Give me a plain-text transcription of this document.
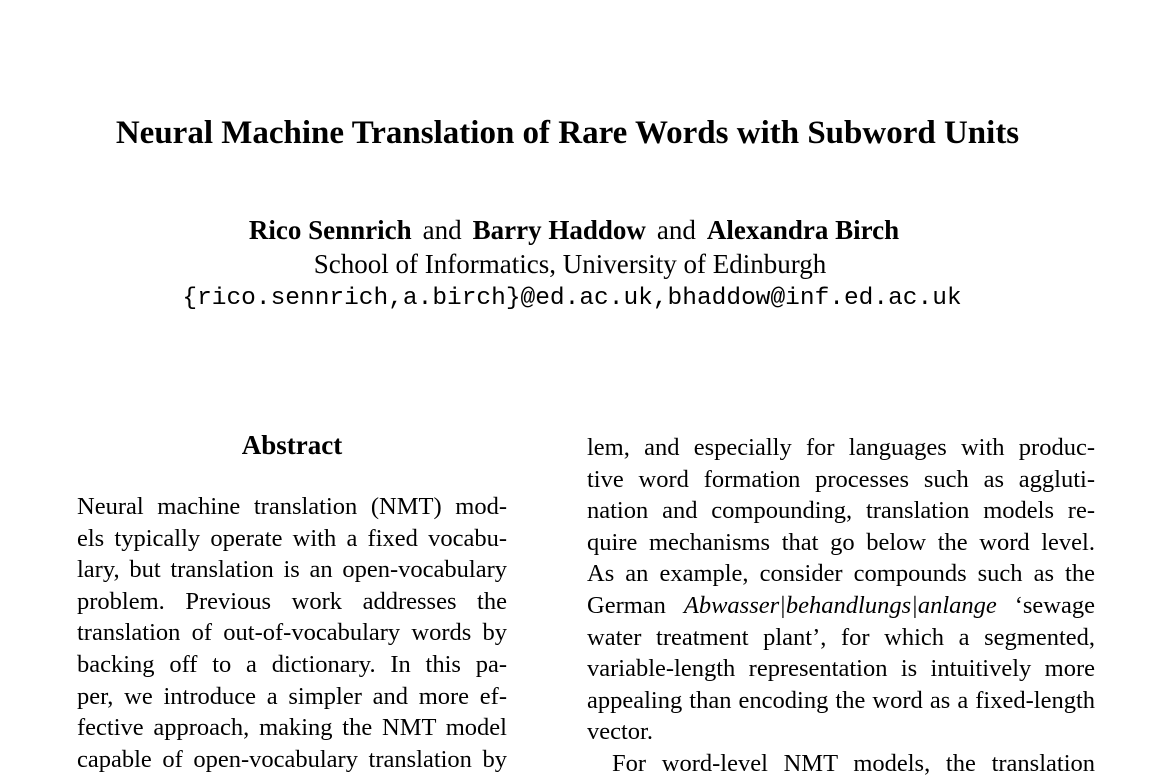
Neural Machine Translation of Rare Words with Subword Units
Rico Sennrich and Barry Haddow and Alexandra Birch
School of Informatics, University of Edinburgh
{rico.sennrich,a.birch}@ed.ac.uk,bhaddow@inf.ed.ac.uk
Abstract
Neural machine translation (NMT) mod-
els typically operate with a fixed vocabu-
lary, but translation is an open-vocabulary
problem. Previous work addresses the
translation of out-of-vocabulary words by
backing off to a dictionary. In this pa-
per, we introduce a simpler and more ef-
fective approach, making the NMT model
capable of open-vocabulary translation by
lem, and especially for languages with produc-
tive word formation processes such as aggluti-
nation and compounding, translation models re-
quire mechanisms that go below the word level.
As an example, consider compounds such as the
German Abwasser|behandlungs|anlange ‘sewage
water treatment plant’, for which a segmented,
variable-length representation is intuitively more
appealing than encoding the word as a fixed-length
vector.
For word-level NMT models, the translation
